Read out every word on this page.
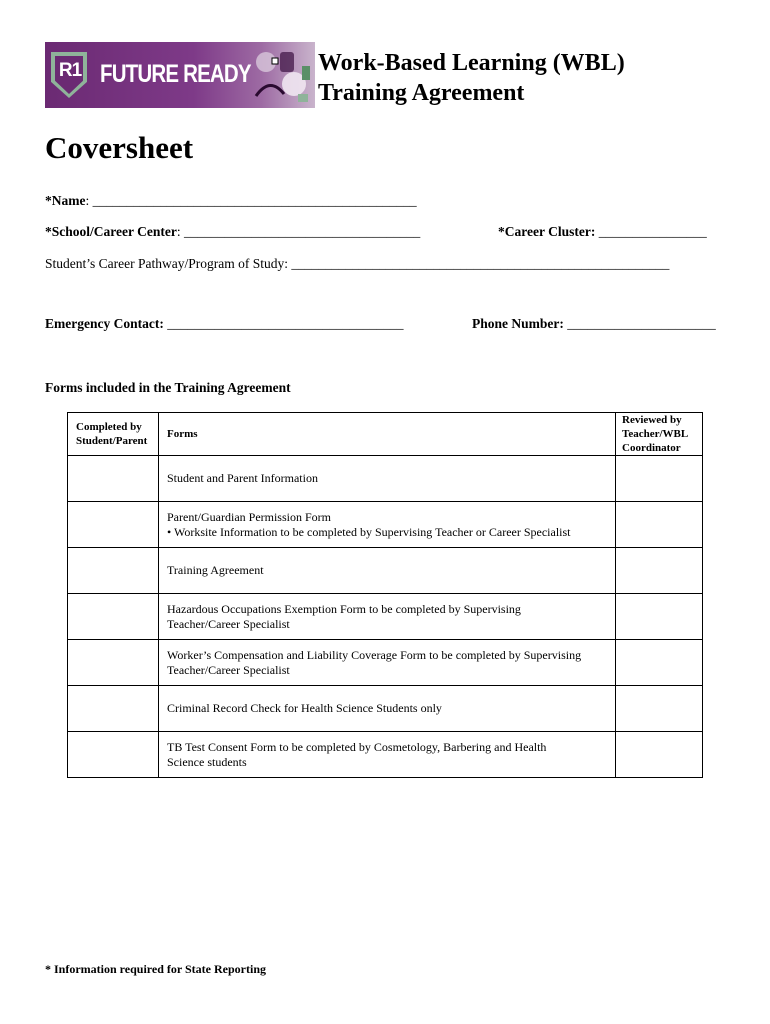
R1 FUTURE READY	Work-Based Learning (WBL)
Training Agreement
Coversheet
*Name: ________________________________________________
*School/Career Center: ___________________________________	*Career Cluster: ________________
Student’s Career Pathway/Program of Study: ________________________________________________________
Emergency Contact: ___________________________________	Phone Number: ______________________
Forms included in the Training Agreement
Completed by Student/Parent	Forms	Reviewed by Teacher/WBL Coordinator

	Student and Parent Information	

	Parent/Guardian Permission Form
• Worksite Information to be completed by Supervising Teacher or Career Specialist	

	Training Agreement	

	Hazardous Occupations Exemption Form to be completed by Supervising
Teacher/Career Specialist	

	Worker’s Compensation and Liability Coverage Form to be completed by Supervising
Teacher/Career Specialist	

	Criminal Record Check for Health Science Students only	

	TB Test Consent Form to be completed by Cosmetology, Barbering and Health
Science students	

* Information required for State Reporting
